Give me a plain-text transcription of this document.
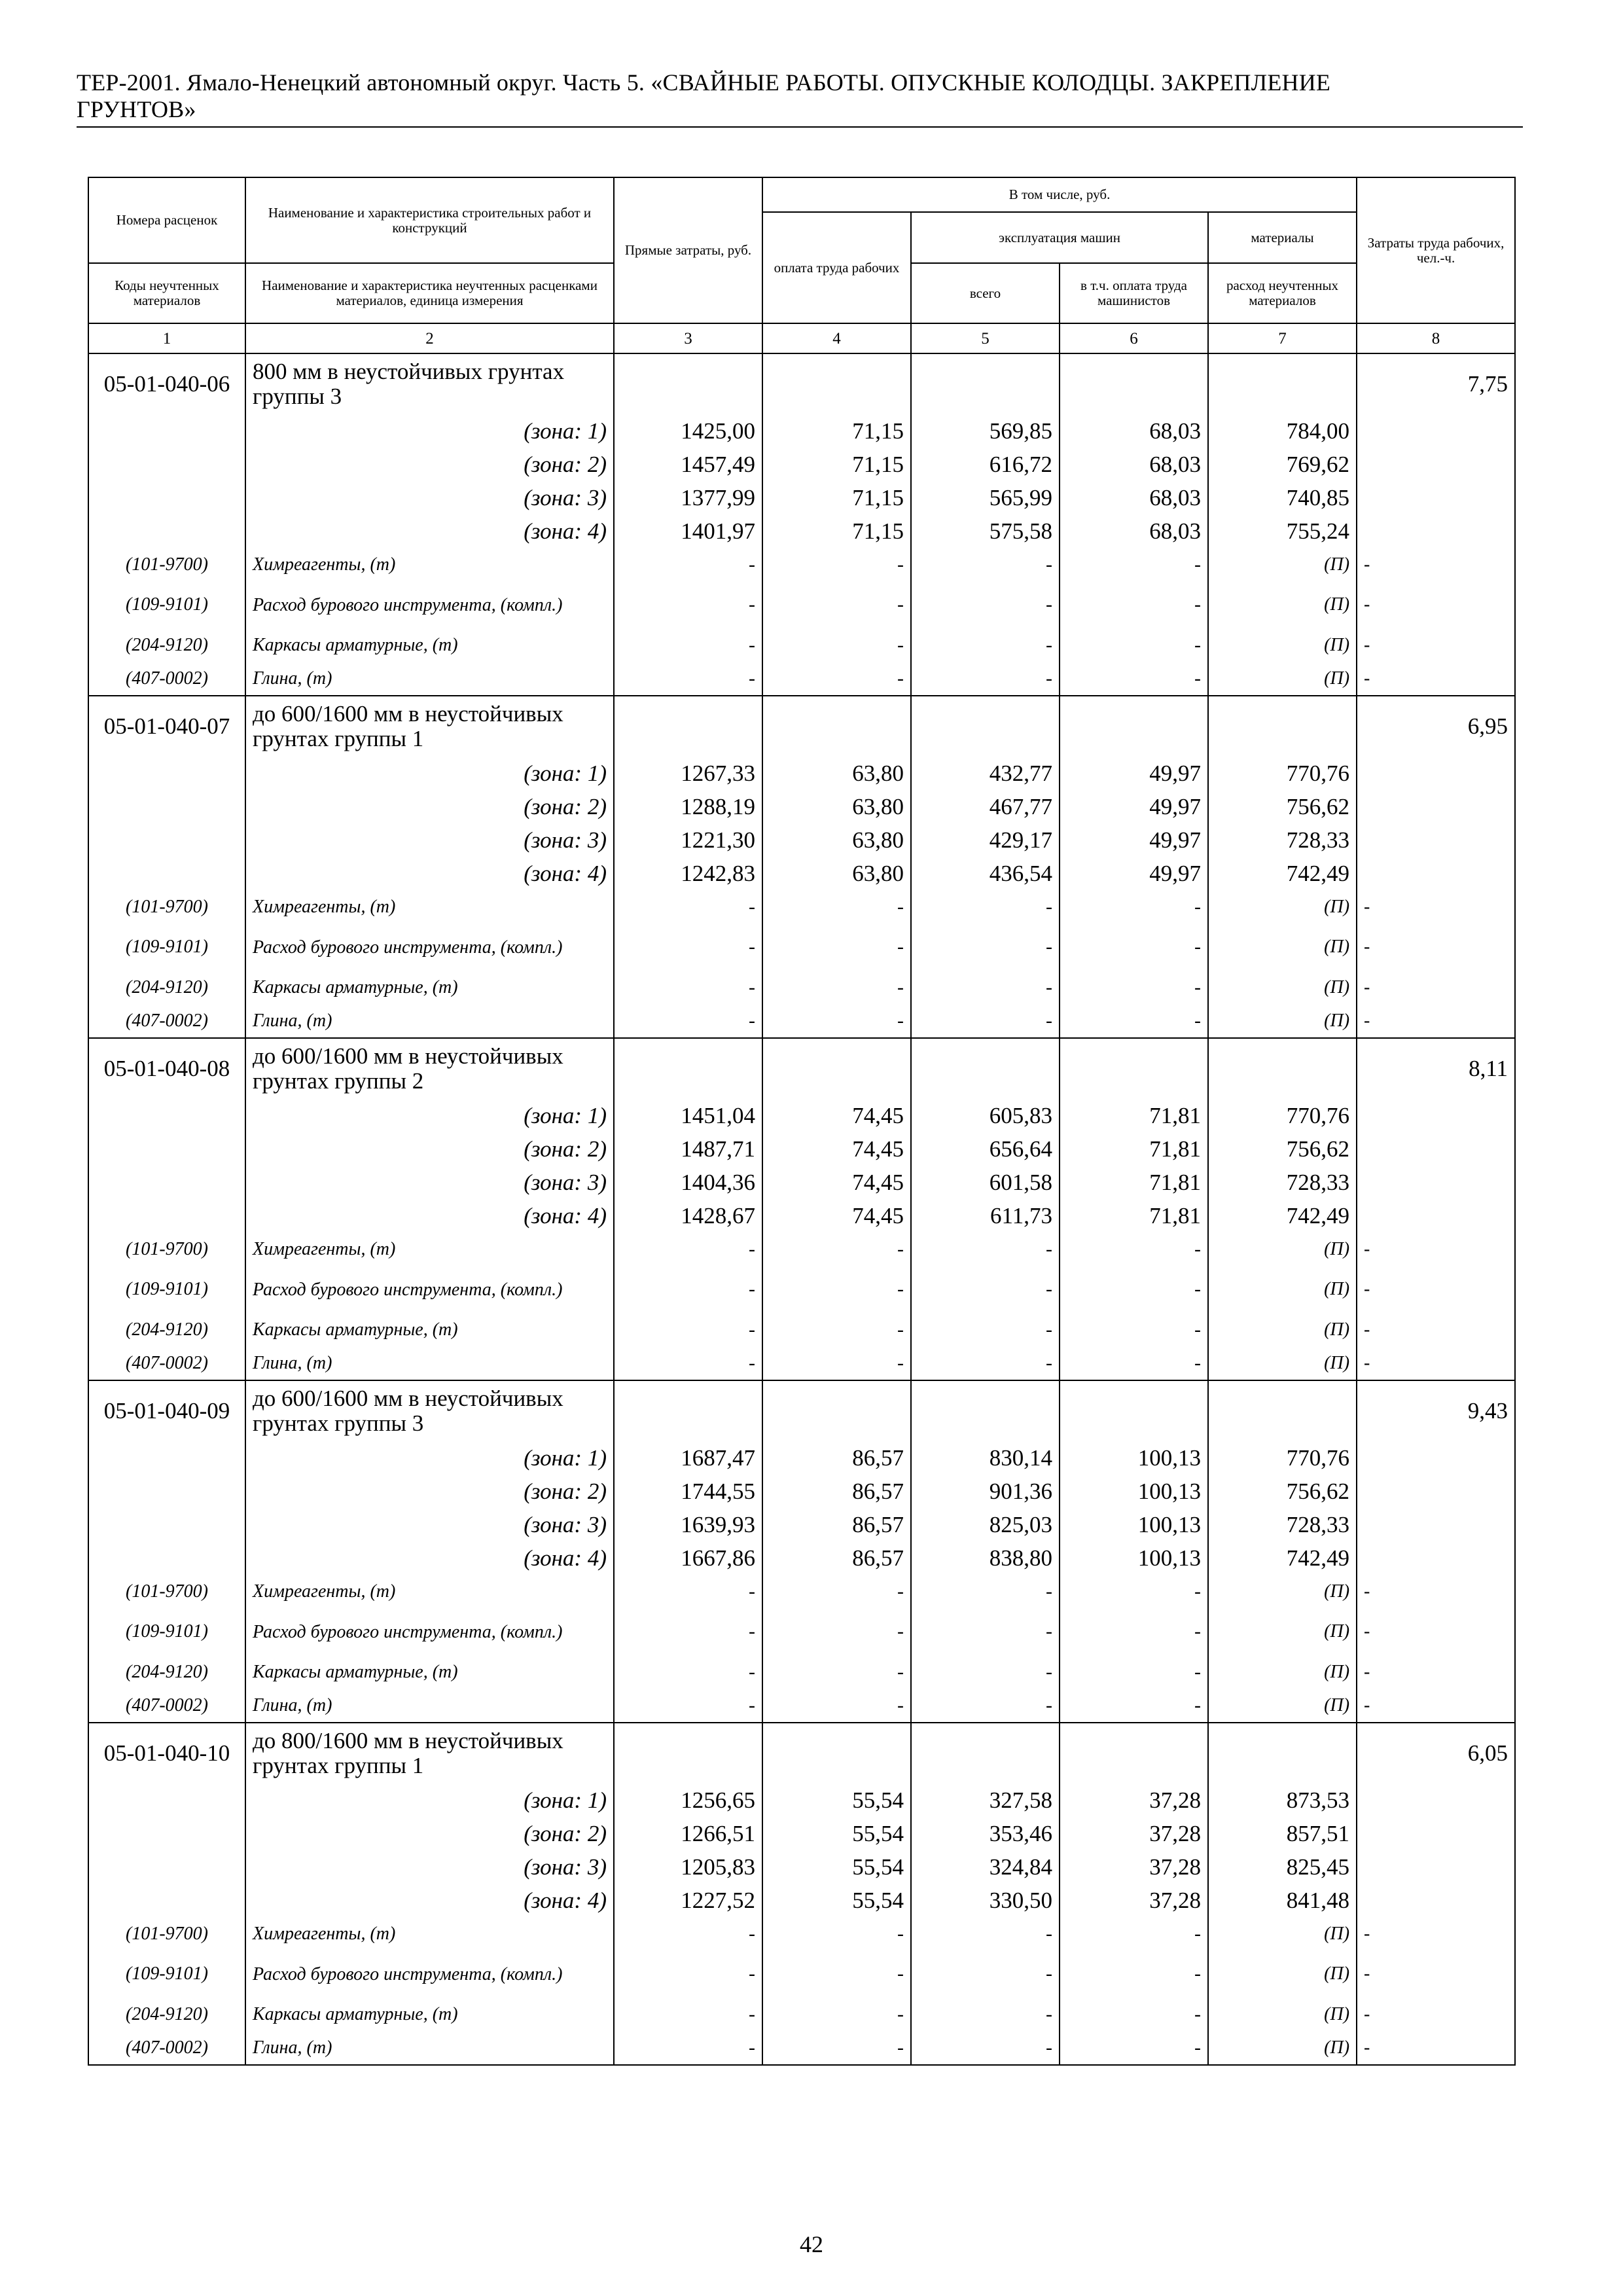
ТЕР-2001. Ямало-Ненецкий автономный округ. Часть 5. «СВАЙНЫЕ РАБОТЫ. ОПУСКНЫЕ КОЛОДЦЫ. ЗАКРЕПЛЕНИЕ
ГРУНТОВ»
Номера расценок	Наименование и характеристика строительных работ и конструкций	Прямые затраты, руб.	В том числе, руб.				Затраты труда рабочих, чел.-ч.
			оплата труда рабочих	эксплуатация машин		материалы	
Коды неучтенных материалов	Наименование и характеристика неучтенных расценками материалов, единица измерения			всего	в т.ч. оплата труда машинистов	расход неучтенных материалов	
1	2	3	4	5	6	7	8
05-01-040-06	800 мм в неустойчивых грунтах группы 3						7,75
	(зона: 1)	1425,00	71,15	569,85	68,03	784,00	
	(зона: 2)	1457,49	71,15	616,72	68,03	769,62	
	(зона: 3)	1377,99	71,15	565,99	68,03	740,85	
	(зона: 4)	1401,97	71,15	575,58	68,03	755,24	
(101-9700)	Химреагенты, (т)	-	-	-	-	(П)	-
(109-9101)	Расход бурового инструмента, (компл.)	-	-	-	-	(П)	-
(204-9120)	Каркасы арматурные, (т)	-	-	-	-	(П)	-
(407-0002)	Глина, (т)	-	-	-	-	(П)	-
05-01-040-07	до 600/1600 мм в неустойчивых грунтах группы 1						6,95
	(зона: 1)	1267,33	63,80	432,77	49,97	770,76	
	(зона: 2)	1288,19	63,80	467,77	49,97	756,62	
	(зона: 3)	1221,30	63,80	429,17	49,97	728,33	
	(зона: 4)	1242,83	63,80	436,54	49,97	742,49	
(101-9700)	Химреагенты, (т)	-	-	-	-	(П)	-
(109-9101)	Расход бурового инструмента, (компл.)	-	-	-	-	(П)	-
(204-9120)	Каркасы арматурные, (т)	-	-	-	-	(П)	-
(407-0002)	Глина, (т)	-	-	-	-	(П)	-
05-01-040-08	до 600/1600 мм в неустойчивых грунтах группы 2						8,11
	(зона: 1)	1451,04	74,45	605,83	71,81	770,76	
	(зона: 2)	1487,71	74,45	656,64	71,81	756,62	
	(зона: 3)	1404,36	74,45	601,58	71,81	728,33	
	(зона: 4)	1428,67	74,45	611,73	71,81	742,49	
(101-9700)	Химреагенты, (т)	-	-	-	-	(П)	-
(109-9101)	Расход бурового инструмента, (компл.)	-	-	-	-	(П)	-
(204-9120)	Каркасы арматурные, (т)	-	-	-	-	(П)	-
(407-0002)	Глина, (т)	-	-	-	-	(П)	-
05-01-040-09	до 600/1600 мм в неустойчивых грунтах группы 3						9,43
	(зона: 1)	1687,47	86,57	830,14	100,13	770,76	
	(зона: 2)	1744,55	86,57	901,36	100,13	756,62	
	(зона: 3)	1639,93	86,57	825,03	100,13	728,33	
	(зона: 4)	1667,86	86,57	838,80	100,13	742,49	
(101-9700)	Химреагенты, (т)	-	-	-	-	(П)	-
(109-9101)	Расход бурового инструмента, (компл.)	-	-	-	-	(П)	-
(204-9120)	Каркасы арматурные, (т)	-	-	-	-	(П)	-
(407-0002)	Глина, (т)	-	-	-	-	(П)	-
05-01-040-10	до 800/1600 мм в неустойчивых грунтах группы 1						6,05
	(зона: 1)	1256,65	55,54	327,58	37,28	873,53	
	(зона: 2)	1266,51	55,54	353,46	37,28	857,51	
	(зона: 3)	1205,83	55,54	324,84	37,28	825,45	
	(зона: 4)	1227,52	55,54	330,50	37,28	841,48	
(101-9700)	Химреагенты, (т)	-	-	-	-	(П)	-
(109-9101)	Расход бурового инструмента, (компл.)	-	-	-	-	(П)	-
(204-9120)	Каркасы арматурные, (т)	-	-	-	-	(П)	-
(407-0002)	Глина, (т)	-	-	-	-	(П)	-
42
